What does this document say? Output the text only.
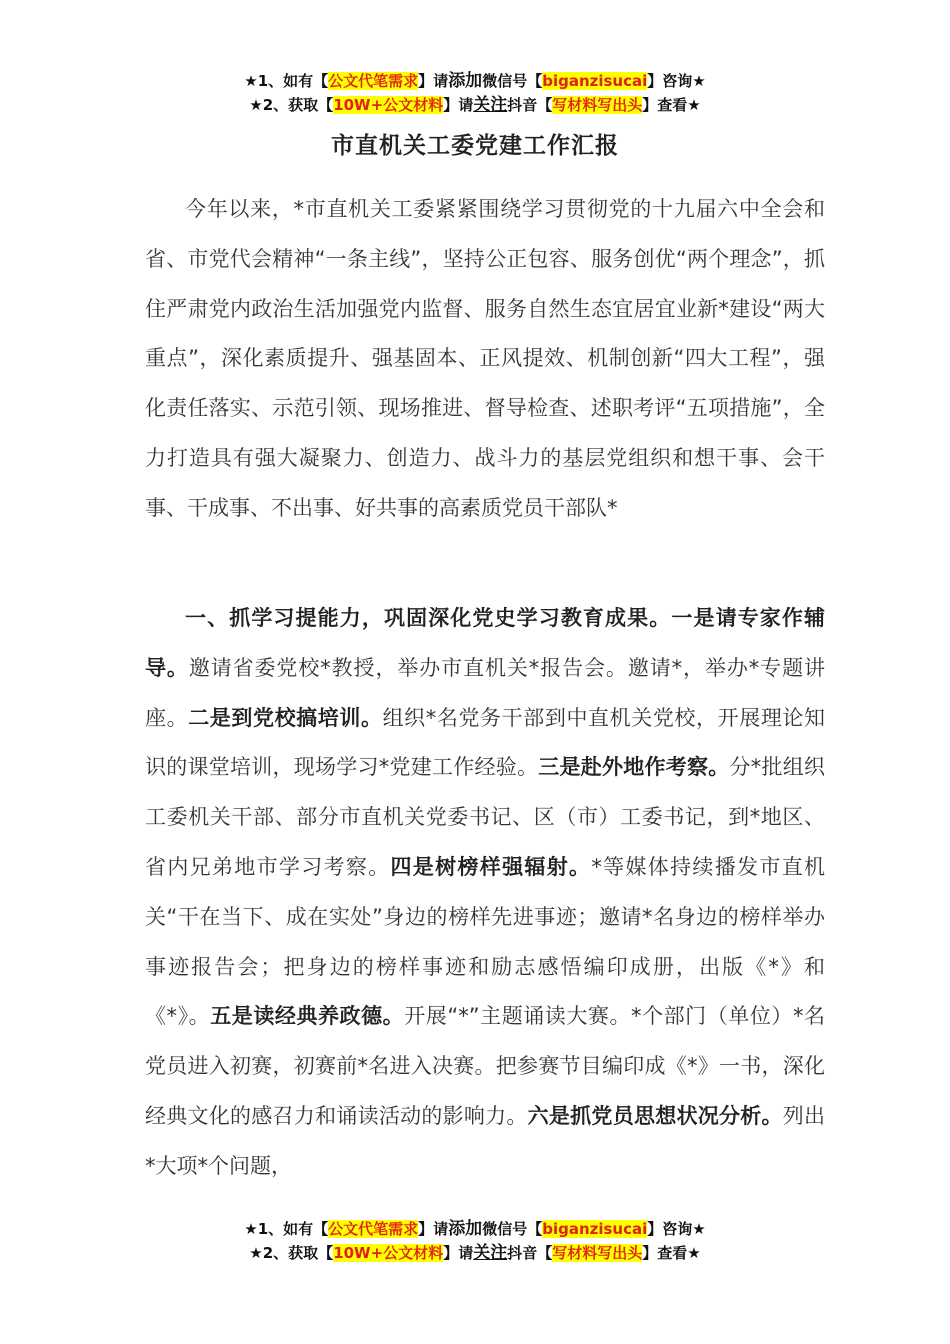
★1、如有【公文代笔需求】请添加微信号【biganzisucai】咨询★
★2、获取【10W+公文材料】请关注抖音【写材料写出头】查看★
市直机关工委党建工作汇报

今年以来，*市直机关工委紧紧围绕学习贯彻党的十九届六中全会和省、市党代会精神“一条主线”，坚持公正包容、服务创优“两个理念”，抓住严肃党内政治生活加强党内监督、服务自然生态宜居宜业新*建设“两大重点”，深化素质提升、强基固本、正风提效、机制创新“四大工程”，强化责任落实、示范引领、现场推进、督导检查、述职考评“五项措施”，全力打造具有强大凝聚力、创造力、战斗力的基层党组织和想干事、会干事、干成事、不出事、好共事的高素质党员干部队*

一、抓学习提能力，巩固深化党史学习教育成果。一是请专家作辅导。邀请省委党校*教授，举办市直机关*报告会。邀请*，举办*专题讲座。二是到党校搞培训。组织*名党务干部到中直机关党校，开展理论知识的课堂培训，现场学习*党建工作经验。三是赴外地作考察。分*批组织工委机关干部、部分市直机关党委书记、区（市）工委书记，到*地区、省内兄弟地市学习考察。四是树榜样强辐射。*等媒体持续播发市直机关“干在当下、成在实处”身边的榜样先进事迹；邀请*名身边的榜样举办事迹报告会；把身边的榜样事迹和励志感悟编印成册，出版《*》和《*》。五是读经典养政德。开展“*”主题诵读大赛。*个部门（单位）*名党员进入初赛，初赛前*名进入决赛。把参赛节目编印成《*》一书，深化经典文化的感召力和诵读活动的影响力。六是抓党员思想状况分析。列出*大项*个问题，

★1、如有【公文代笔需求】请添加微信号【biganzisucai】咨询★
★2、获取【10W+公文材料】请关注抖音【写材料写出头】查看★
